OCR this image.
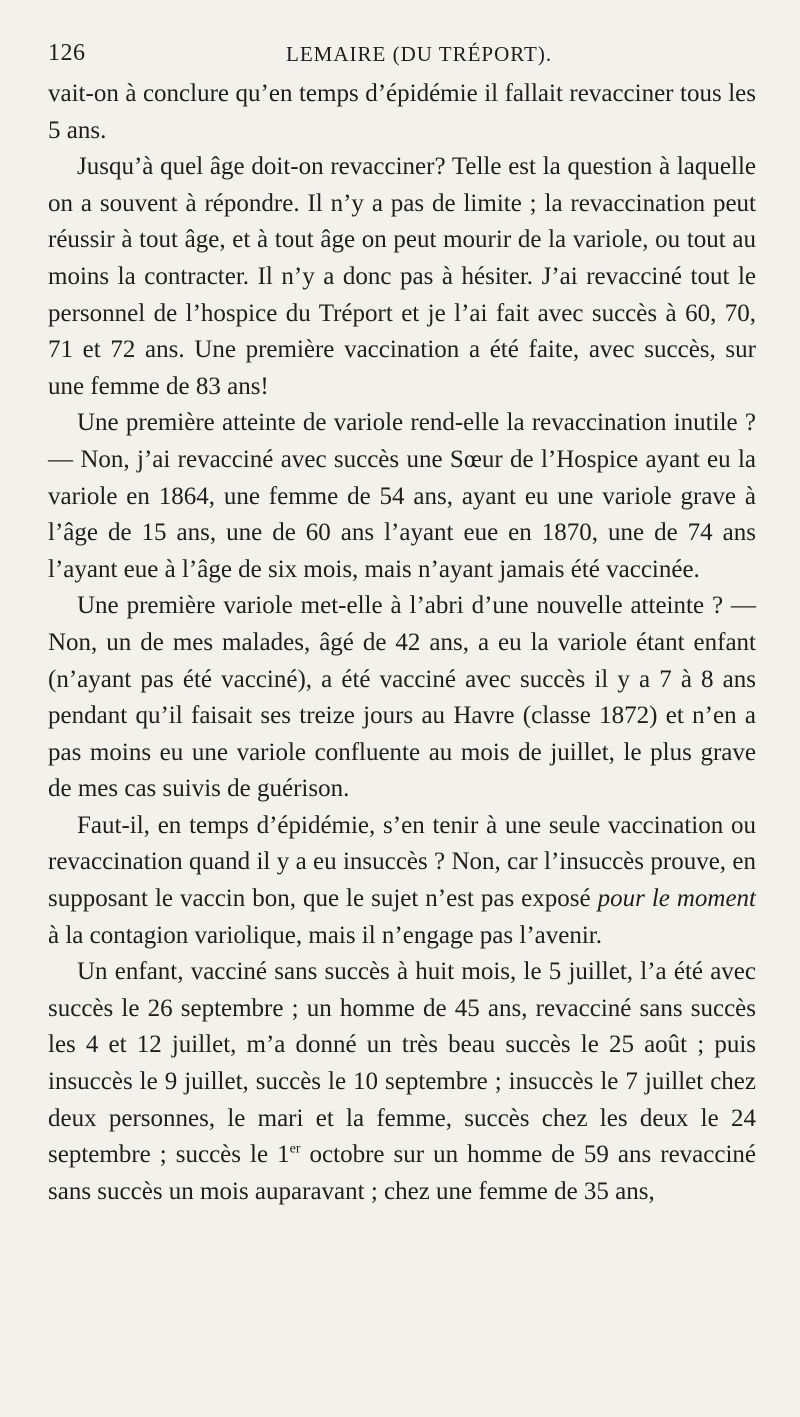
126	LEMAIRE (DU TRÉPORT).

vait-on à conclure qu’en temps d’épidémie il fallait revacciner tous les 5 ans.

Jusqu’à quel âge doit-on revacciner? Telle est la question à laquelle on a souvent à répondre. Il n’y a pas de limite ; la revaccination peut réussir à tout âge, et à tout âge on peut mourir de la variole, ou tout au moins la contracter. Il n’y a donc pas à hésiter. J’ai revacciné tout le personnel de l’hospice du Tréport et je l’ai fait avec succès à 60, 70, 71 et 72 ans. Une première vaccination a été faite, avec succès, sur une femme de 83 ans!

Une première atteinte de variole rend-elle la revaccination inutile ? — Non, j’ai revacciné avec succès une Sœur de l’Hospice ayant eu la variole en 1864, une femme de 54 ans, ayant eu une variole grave à l’âge de 15 ans, une de 60 ans l’ayant eue en 1870, une de 74 ans l’ayant eue à l’âge de six mois, mais n’ayant jamais été vaccinée.

Une première variole met-elle à l’abri d’une nouvelle atteinte ? — Non, un de mes malades, âgé de 42 ans, a eu la variole étant enfant (n’ayant pas été vacciné), a été vacciné avec succès il y a 7 à 8 ans pendant qu’il faisait ses treize jours au Havre (classe 1872) et n’en a pas moins eu une variole confluente au mois de juillet, le plus grave de mes cas suivis de guérison.

Faut-il, en temps d’épidémie, s’en tenir à une seule vaccination ou revaccination quand il y a eu insuccès ? Non, car l’insuccès prouve, en supposant le vaccin bon, que le sujet n’est pas exposé pour le moment à la contagion variolique, mais il n’engage pas l’avenir.

Un enfant, vacciné sans succès à huit mois, le 5 juillet, l’a été avec succès le 26 septembre ; un homme de 45 ans, revacciné sans succès les 4 et 12 juillet, m’a donné un très beau succès le 25 août ; puis insuccès le 9 juillet, succès le 10 septembre ; insuccès le 7 juillet chez deux personnes, le mari et la femme, succès chez les deux le 24 septembre ; succès le 1er octobre sur un homme de 59 ans revacciné sans succès un mois auparavant ; chez une femme de 35 ans,
